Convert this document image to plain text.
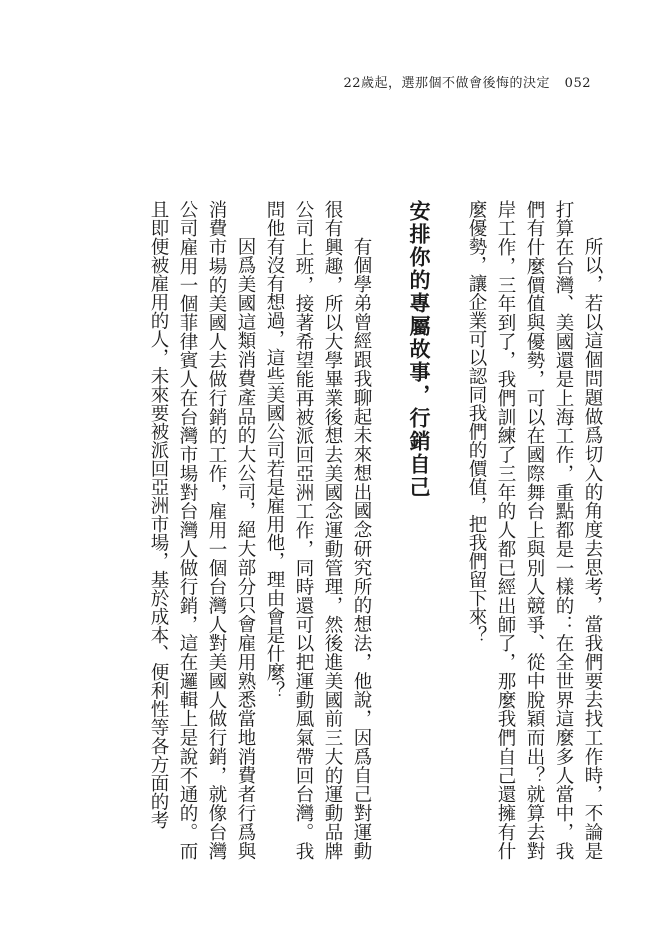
22歲起，選那個不做會後悔的決定 052

所以，若以這個問題做爲切入的角度去思考，當我們要去找工作時，不論是打算在台灣、美國還是上海工作，重點都是一樣的：在全世界這麼多人當中，我們有什麼價值與優勢，可以在國際舞台上與別人競爭、從中脫穎而出？就算去對岸工作，三年到了，我們訓練了三年的人都已經出師了，那麼我們自己還擁有什麼優勢，讓企業可以認同我們的價值，把我們留下來？

安排你的專屬故事，行銷自己

有個學弟曾經跟我聊起未來想出國念研究所的想法，他說，因爲自己對運動很有興趣，所以大學畢業後想去美國念運動管理，然後進美國前三大的運動品牌公司上班，接著希望能再被派回亞洲工作，同時還可以把運動風氣帶回台灣。我問他有沒有想過，這些美國公司若是雇用他，理由會是什麼？

因爲美國這類消費產品的大公司，絕大部分只會雇用熟悉當地消費者行爲與消費市場的美國人去做行銷的工作，雇用一個台灣人對美國人做行銷，就像台灣公司雇用一個菲律賓人在台灣市場對台灣人做行銷，這在邏輯上是說不通的。而且即便被雇用的人，未來要被派回亞洲市場，基於成本、便利性等各方面的考
